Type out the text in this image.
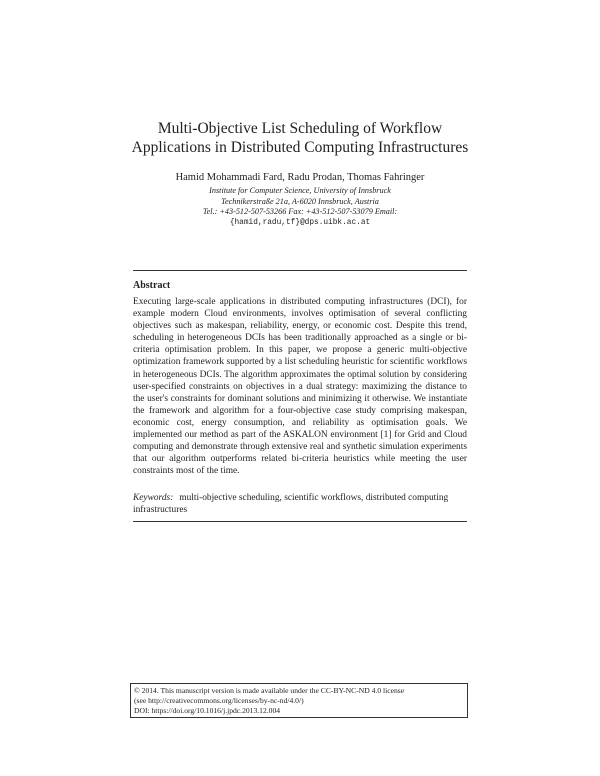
Multi-Objective List Scheduling of Workflow
Applications in Distributed Computing Infrastructures
Hamid Mohammadi Fard, Radu Prodan, Thomas Fahringer
Institute for Computer Science, University of Innsbruck
Technikerstraße 21a, A-6020 Innsbruck, Austria
Tel.: +43-512-507-53266 Fax: +43-512-507-53079 Email:
{hamid,radu,tf}@dps.uibk.ac.at
Abstract
Executing large-scale applications in distributed computing infrastructures (DCI), for example modern Cloud environments, involves optimisation of several conflicting objectives such as makespan, reliability, energy, or economic cost. Despite this trend, scheduling in heterogeneous DCIs has been traditionally approached as a single or bi-criteria optimisation problem. In this paper, we propose a generic multi-objective optimization framework supported by a list scheduling heuristic for scientific workflows in heterogeneous DCIs. The algorithm approximates the optimal solution by considering user-specified constraints on objectives in a dual strategy: maximizing the distance to the user's constraints for dominant solutions and minimizing it otherwise. We instantiate the framework and algorithm for a four-objective case study comprising makespan, economic cost, energy consumption, and reliability as optimisation goals. We implemented our method as part of the ASKALON environment [1] for Grid and Cloud computing and demonstrate through extensive real and synthetic simulation experiments that our algorithm outperforms related bi-criteria heuristics while meeting the user constraints most of the time.
Keywords: multi-objective scheduling, scientific workflows, distributed computing infrastructures
© 2014. This manuscript version is made available under the CC-BY-NC-ND 4.0 license
(see http://creativecommons.org/licenses/by-nc-nd/4.0/)
DOI: https://doi.org/10.1016/j.jpdc.2013.12.004
